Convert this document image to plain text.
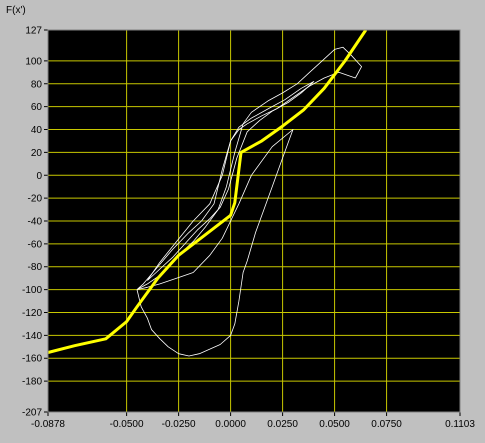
F(x')
-0.0878	-0.0500 -0.0250 0.0000 0.0250 0.0500 0.0750	0.1103
127
100
80
60
40
20
0
-20
-40
-60
-80
-100
-120
-140
-160
-180
-207
